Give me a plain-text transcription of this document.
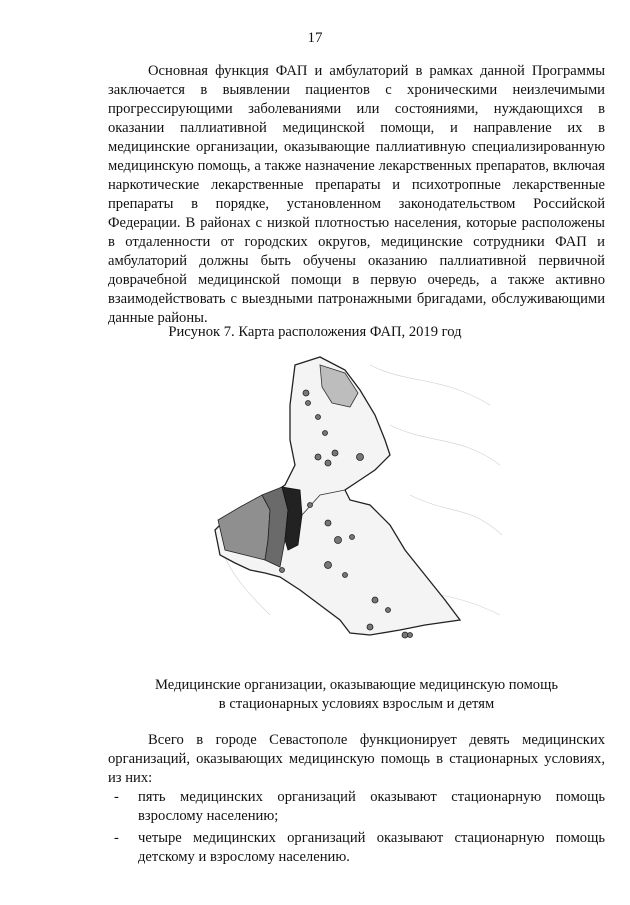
17

Основная функция ФАП и амбулаторий в рамках данной Программы заключается в выявлении пациентов с хроническими неизлечимыми прогрессирующими заболеваниями или состояниями, нуждающихся в оказании паллиативной медицинской помощи, и направление их в медицинские организации, оказывающие паллиативную специализированную медицинскую помощь, а также назначение лекарственных препаратов, включая наркотические лекарственные препараты и психотропные лекарственные препараты в порядке, установленном законодательством Российской Федерации. В районах с низкой плотностью населения, которые расположены в отдаленности от городских округов, медицинские сотрудники ФАП и амбулаторий должны быть обучены оказанию паллиативной первичной доврачебной медицинской помощи в первую очередь, а также активно взаимодействовать с выездными патронажными бригадами, обслуживающими данные районы.

Рисунок 7. Карта расположения ФАП, 2019 год
Медицинские организации, оказывающие медицинскую помощь
в стационарных условиях взрослым и детям

Всего в городе Севастополе функционирует девять медицинских организаций, оказывающих медицинскую помощь в стационарных условиях, из них:

- пять медицинских организаций оказывают стационарную помощь взрослому населению;
- четыре медицинских организаций оказывают стационарную помощь детскому и взрослому населению.
